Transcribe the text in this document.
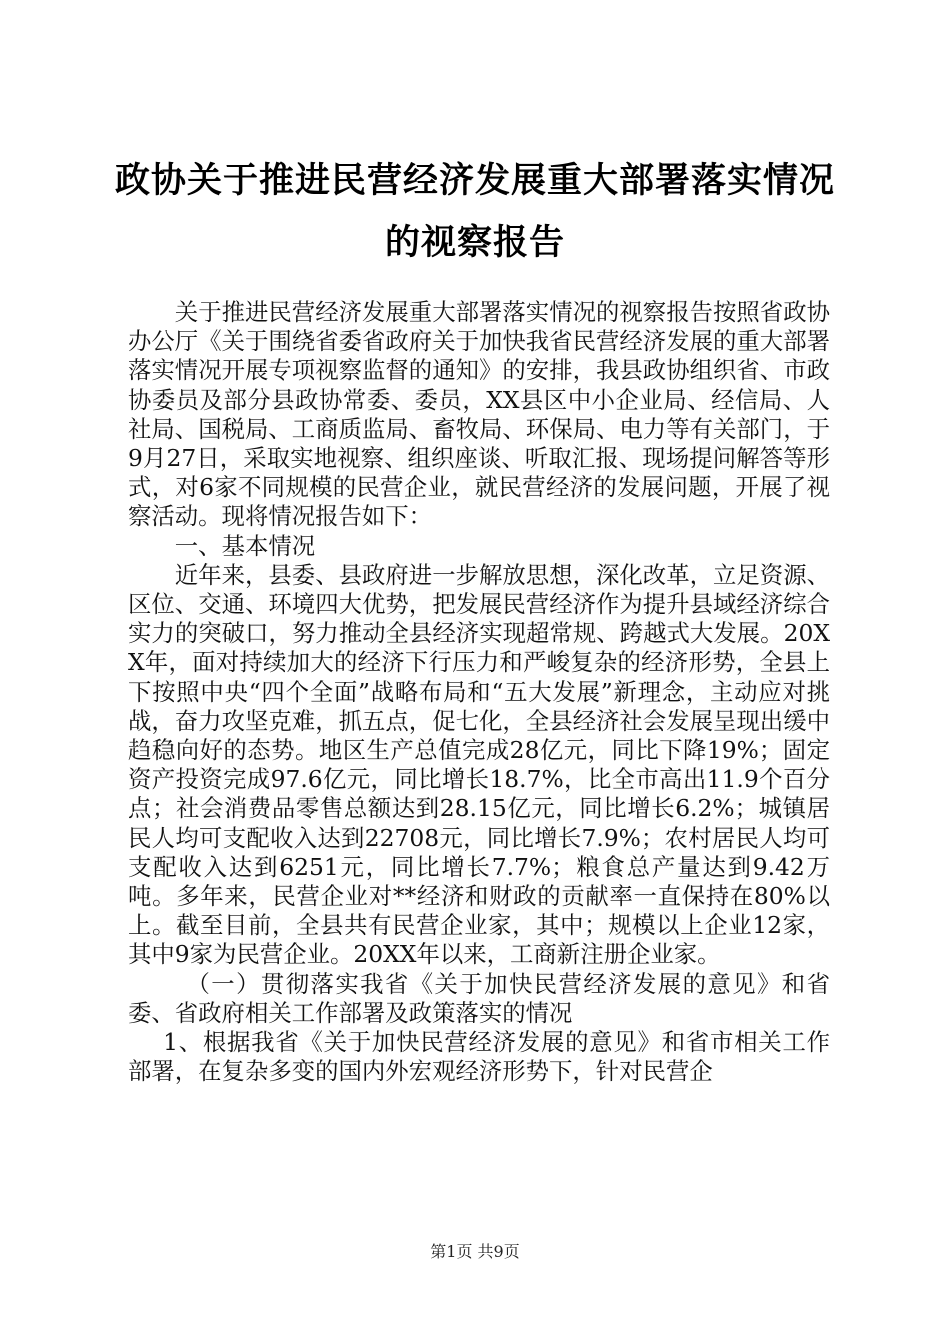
政协关于推进民营经济发展重大部署落实情况
的视察报告

关于推进民营经济发展重大部署落实情况的视察报告按照省政协办公厅《关于围绕省委省政府关于加快我省民营经济发展的重大部署落实情况开展专项视察监督的通知》的安排，我县政协组织省、市政协委员及部分县政协常委、委员，XX县区中小企业局、经信局、人社局、国税局、工商质监局、畜牧局、环保局、电力等有关部门，于9月27日，采取实地视察、组织座谈、听取汇报、现场提问解答等形式，对6家不同规模的民营企业，就民营经济的发展问题，开展了视察活动。现将情况报告如下：

一、基本情况

近年来，县委、县政府进一步解放思想，深化改革，立足资源、区位、交通、环境四大优势，把发展民营经济作为提升县域经济综合实力的突破口，努力推动全县经济实现超常规、跨越式大发展。20XX年，面对持续加大的经济下行压力和严峻复杂的经济形势，全县上下按照中央“四个全面”战略布局和“五大发展”新理念，主动应对挑战，奋力攻坚克难，抓五点，促七化，全县经济社会发展呈现出缓中趋稳向好的态势。地区生产总值完成28亿元，同比下降19%；固定资产投资完成97.6亿元，同比增长18.7%，比全市高出11.9个百分点；社会消费品零售总额达到28.15亿元，同比增长6.2%；城镇居民人均可支配收入达到22708元，同比增长7.9%；农村居民人均可支配收入达到6251元，同比增长7.7%；粮食总产量达到9.42万吨。多年来，民营企业对**经济和财政的贡献率一直保持在80%以上。截至目前，全县共有民营企业家，其中；规模以上企业12家，其中9家为民营企业。20XX年以来，工商新注册企业家。

（一）贯彻落实我省《关于加快民营经济发展的意见》和省委、省政府相关工作部署及政策落实的情况

1、根据我省《关于加快民营经济发展的意见》和省市相关工作部署，在复杂多变的国内外宏观经济形势下，针对民营企

第1页 共9页
